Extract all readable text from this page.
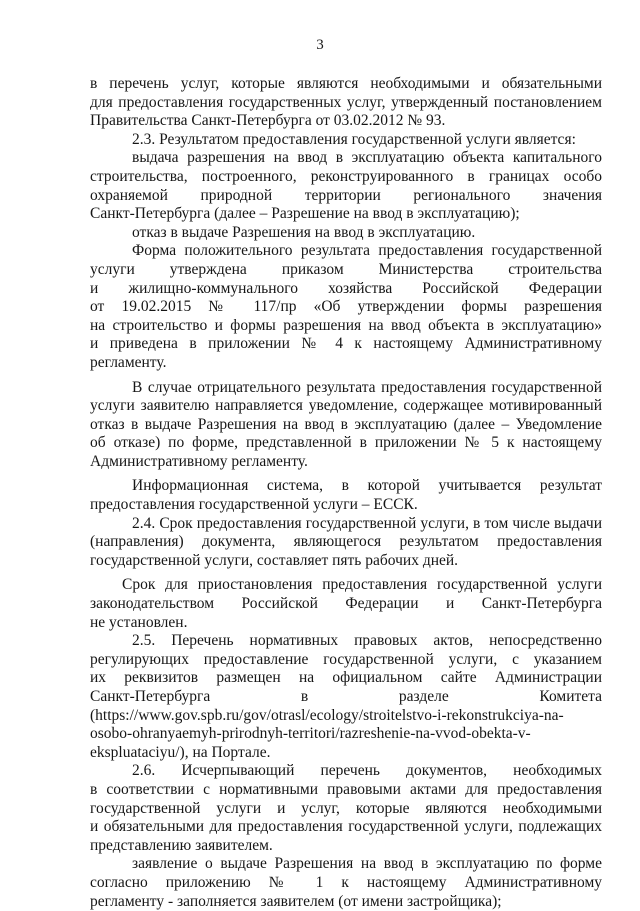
3
в перечень услуг, которые являются необходимыми и обязательными
для предоставления государственных услуг, утвержденный постановлением
Правительства Санкт-Петербурга от 03.02.2012 № 93.
2.3. Результатом предоставления государственной услуги является:
выдача разрешения на ввод в эксплуатацию объекта капитального
строительства, построенного, реконструированного в границах особо
охраняемой природной территории регионального значения
Санкт-Петербурга (далее – Разрешение на ввод в эксплуатацию);
отказ в выдаче Разрешения на ввод в эксплуатацию.
Форма положительного результата предоставления государственной
услуги утверждена приказом Министерства строительства
и жилищно-коммунального хозяйства Российской Федерации
от 19.02.2015 № 117/пр «Об утверждении формы разрешения
на строительство и формы разрешения на ввод объекта в эксплуатацию»
и приведена в приложении № 4 к настоящему Административному
регламенту.
В случае отрицательного результата предоставления государственной
услуги заявителю направляется уведомление, содержащее мотивированный
отказ в выдаче Разрешения на ввод в эксплуатацию (далее – Уведомление
об отказе) по форме, представленной в приложении № 5 к настоящему
Административному регламенту.
Информационная система, в которой учитывается результат
предоставления государственной услуги – ЕССК.
2.4. Срок предоставления государственной услуги, в том числе выдачи
(направления) документа, являющегося результатом предоставления
государственной услуги, составляет пять рабочих дней.
Срок для приостановления предоставления государственной услуги
законодательством Российской Федерации и Санкт-Петербурга
не установлен.
2.5. Перечень нормативных правовых актов, непосредственно
регулирующих предоставление государственной услуги, с указанием
их реквизитов размещен на официальном сайте Администрации
Санкт-Петербурга в разделе Комитета
(https://www.gov.spb.ru/gov/otrasl/ecology/stroitelstvo-i-rekonstrukciya-na-
osobo-ohranyaemyh-prirodnyh-territori/razreshenie-na-vvod-obekta-v-
ekspluataciyu/), на Портале.
2.6. Исчерпывающий перечень документов, необходимых
в соответствии с нормативными правовыми актами для предоставления
государственной услуги и услуг, которые являются необходимыми
и обязательными для предоставления государственной услуги, подлежащих
представлению заявителем.
заявление о выдаче Разрешения на ввод в эксплуатацию по форме
согласно приложению № 1 к настоящему Административному
регламенту - заполняется заявителем (от имени застройщика);
